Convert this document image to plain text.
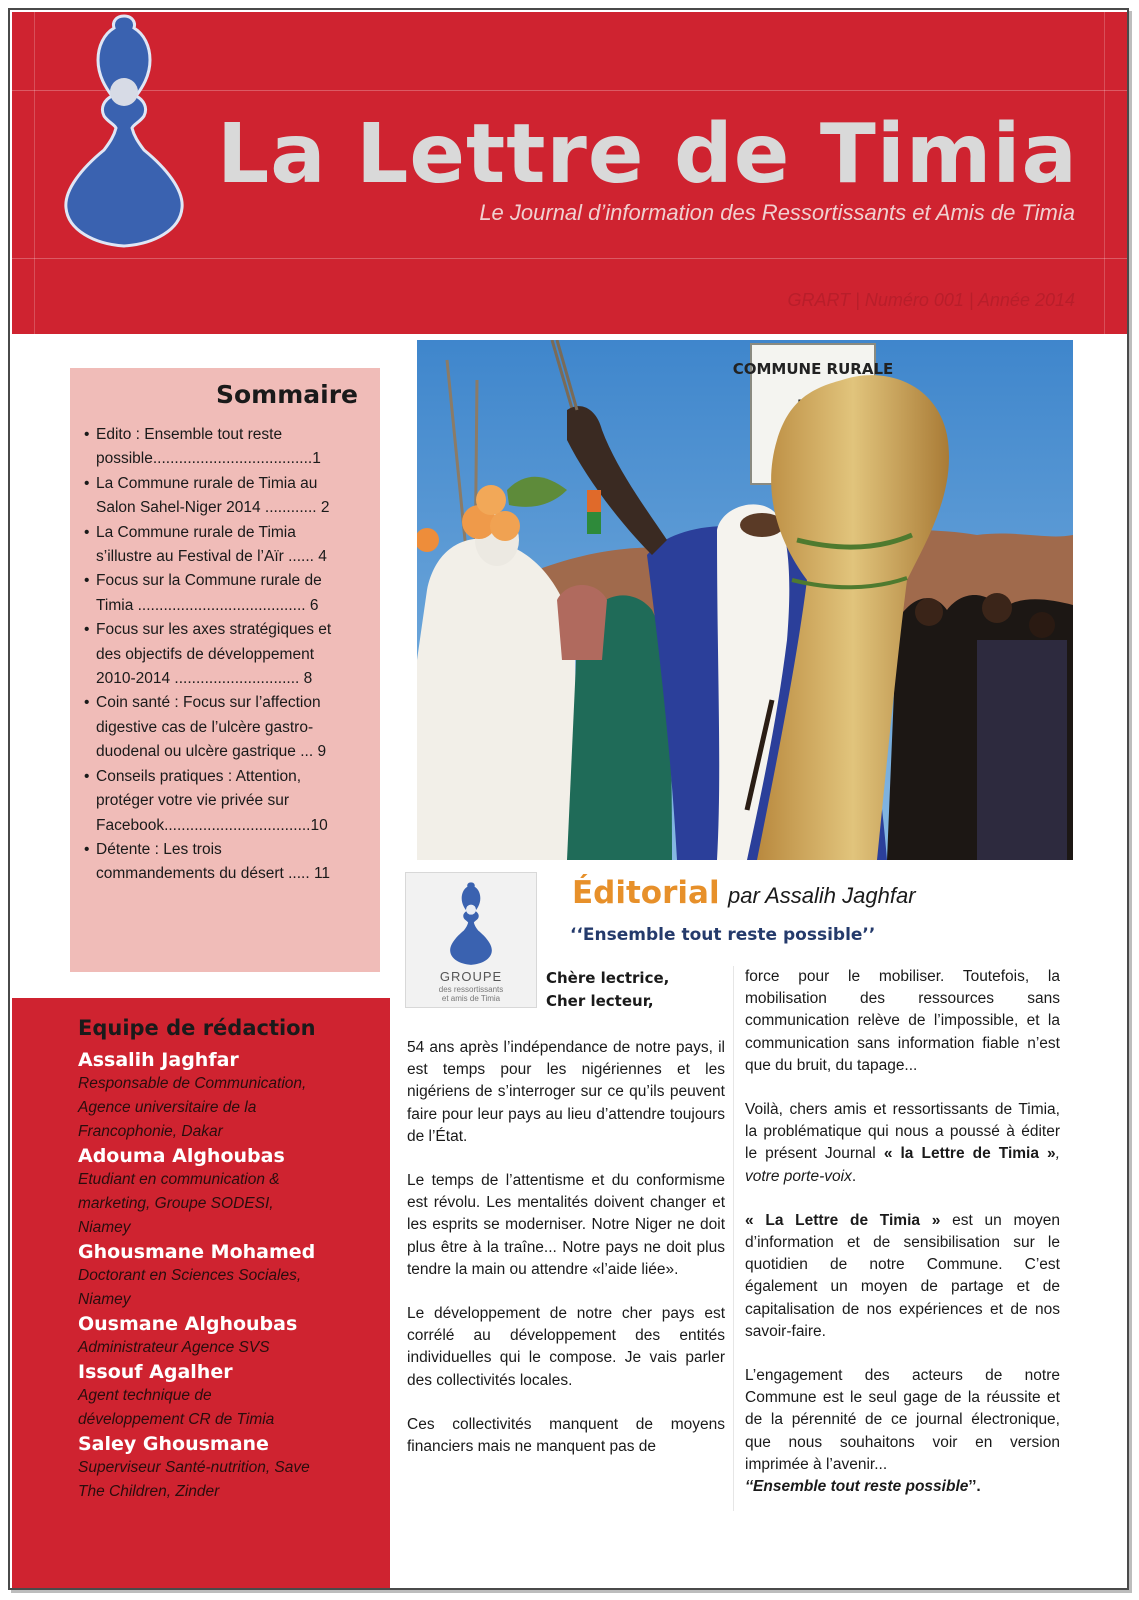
La Lettre de Timia
Le Journal d’information des Ressortissants et Amis de Timia
GRART | Numéro 001 | Année 2014
Sommaire
• Edito : Ensemble tout reste
possible.....................................1
• La Commune rurale de Timia au
Salon Sahel-Niger 2014 ............ 2
• La Commune rurale de Timia
s’illustre au Festival de l’Aïr ...... 4
• Focus sur la Commune rurale de
Timia ....................................... 6
• Focus sur les axes stratégiques et
des objectifs de développement
2010-2014 ............................. 8
• Coin santé : Focus sur l’affection
digestive cas de l’ulcère gastro-
duodenal ou ulcère gastrique ... 9
• Conseils pratiques : Attention,
protéger votre vie privée sur
Facebook..................................10
• Détente : Les trois
commandements du désert ..... 11
Equipe de rédaction
Assalih Jaghfar
Responsable de Communication,
Agence universitaire de la
Francophonie, Dakar
Adouma Alghoubas
Etudiant en communication &
marketing, Groupe SODESI,
Niamey
Ghousmane Mohamed
Doctorant en Sciences Sociales,
Niamey
Ousmane Alghoubas
Administrateur Agence SVS
Issouf Agalher
Agent technique de
développement CR de Timia
Saley Ghousmane
Superviseur Santé-nutrition, Save
The Children, Zinder
COMMUNE RURALE
GROUPE
des ressortissants
et amis de Timia
Éditorial par Assalih Jaghfar
‘‘Ensemble tout reste possible’’
Chère lectrice,
Cher lecteur,

54 ans après l’indépendance de notre pays, il est temps pour les nigériennes et les nigériens de s’interroger sur ce qu’ils peuvent faire pour leur pays au lieu d’attendre toujours de l’État.

Le temps de l’attentisme et du conformisme est révolu. Les mentalités doivent changer et les esprits se moderniser. Notre Niger ne doit plus être à la traîne... Notre pays ne doit plus tendre la main ou attendre «l’aide liée».

Le développement de notre cher pays est corrélé au développement des entités individuelles qui le compose. Je vais parler des collectivités locales.

Ces collectivités manquent de moyens financiers mais ne manquent pas de

force pour le mobiliser. Toutefois, la mobilisation des ressources sans communication relève de l’impossible, et la communication sans information fiable n’est que du bruit, du tapage...

Voilà, chers amis et ressortissants de Timia, la problématique qui nous a poussé à éditer le présent Journal « la Lettre de Timia », votre porte-voix.

« La Lettre de Timia » est un moyen d’information et de sensibilisation sur le quotidien de notre Commune. C’est également un moyen de partage et de capitalisation de nos expériences et de nos savoir-faire.

L’engagement des acteurs de notre Commune est le seul gage de la réussite et de la pérennité de ce journal électronique, que nous souhaitons voir en version imprimée à l’avenir...
‘‘Ensemble tout reste possible’’.
